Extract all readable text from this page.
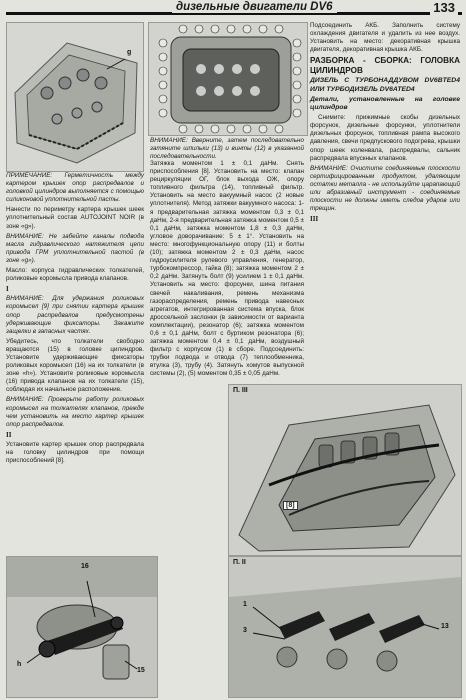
дизельные двигатели DV6	133
g

ПРИМЕЧАНИЕ: Герметичность между картером крышек опор распредвалов и головкой цилиндров выполняется с помощью силиконовой уплотнительной пасты.

Нанести по периметру картера крышек шеек уплотнительный состав AUTOJOINT NOIR (в зоне «g»).

ВНИМАНИЕ: Не забейте каналы подвода масла гидравлического натяжителя цепи привода ГРМ уплотнительной пастой (в зоне «g»).

Масло: корпуса гидравлических толкателей, роликовые коромысла привода клапанов.

I

ВНИМАНИЕ: Для удержания роликовых коромысел [9] при снятии картера крышек опор распредвалов предусмотрены удерживающие фиксаторы. Закажите защелки в запасных частях.

Убедитесь, что толкатели свободно вращаются (15) в головке цилиндров. Установите удерживающие фиксаторы роликовых коромысел (16) на их толкатели (в зоне «h»). Установите роликовые коромысла (16) привода клапанов на их толкатели (15), соблюдая их начальное расположение.

ВНИМАНИЕ: Проверьте работу роликовых коромысел на толкателях клапанов, прежде чем установить на место картер крышек опор распредвалов.

II

Установите картер крышек опор распредвала на головку цилиндров при помощи приспособлений [8].

ВНИМАНИЕ: Вверните, затем последовательно затяните шпильки (13) и винты (12) в указанной последовательности.

Затяжка моментом 1 ± 0,1 даНм. Снять приспособления [8]. Установить на место: клапан рециркуляции ОГ, блок выхода ОЖ, опору топливного фильтра (14), топливный фильтр. Установить на место вакуумный насос (2 новые уплотнителя). Метод затяжки вакуумного насоса: 1-я предварительная затяжка моментом 0,3 ± 0,1 даНм, 2-я предварительная затяжка моментом 0,5 ± 0,1 даНм, затяжка моментом 1,8 ± 0,3 даНм, угловое доворачивание: 5 ± 1°. Установить на место: многофункциональную опору (11) и болты (10); затяжка моментом 2 ± 0,3 даНм, насос гидроусилителя рулевого управления, генератор, турбокомпрессор, гайка (8); затяжка моментом 2 ± 0,2 даНм. Затянуть болт (9) усилием 1 ± 0,1 даНм. Установить на место: форсунки, шина питания свечей накаливания, ремень механизма газораспределения, ремень привода навесных агрегатов, интегрированная система впуска, блок дроссельной заслонки (в зависимости от варианта комплектации), резонатор (6); затяжка моментом 0,6 ± 0,1 даНм, болт с буртиком резонатора (6); затяжка моментом 0,4 ± 0,1 даНм, воздушный фильтр с корпусом (1) в сборе. Подсоединить: трубки подвода и отвода (7) теплообменника, втулка (3), трубу (4). Затянуть хомутов выпускной системы (2), (5) моментом 0,35 ± 0,05 даНм.

Подсоединить АКБ. Заполнить систему охлаждения двигателя и удалить из нее воздух. Установить на место: декоративная крышка двигателя, декоративная крышка АКБ.

РАЗБОРКА - СБОРКА: ГОЛОВКА ЦИЛИНДРОВ

ДИЗЕЛЬ С ТУРБОНАДДУВОМ DV6BTED4 ИЛИ ТУРБОДИЗЕЛЬ DV6ATED4

Детали, установленные на головке цилиндров

Снимите: прижимные скобы дизельных форсунок, дизельные форсунки, уплотнители дизельных форсунок, топливная рампа высокого давления, свечи предпускового подогрева, крышки опор шеек коленвала, распредвалы, сальник распредвала впускных клапанов.

ВНИМАНИЕ: Очистите соединяемые плоскости сертифицированным продуктом, удаляющим остатки металла - не используйте царапающий или абразивный инструмент - соединяемые плоскости не должны иметь следов ударов или трещин.

III

П. III
[8]
16
h
15
П. II
1
3
13
